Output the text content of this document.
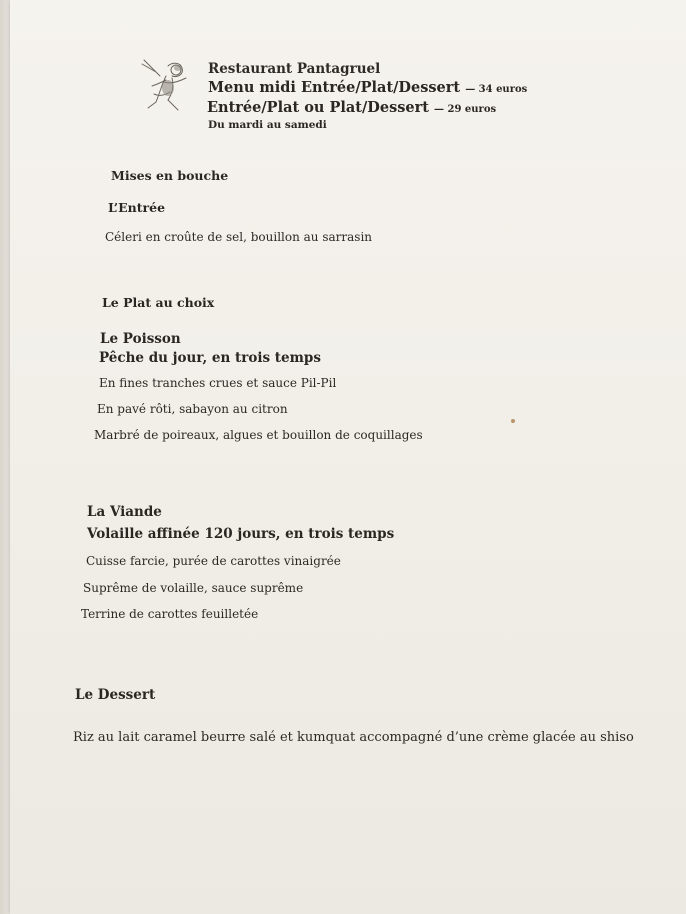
Restaurant Pantagruel

Menu midi Entrée/Plat/Dessert — 34 euros

Entrée/Plat ou Plat/Dessert — 29 euros

Du mardi au samedi

Mises en bouche

L’Entrée

Céleri en croûte de sel, bouillon au sarrasin

Le Plat au choix

Le Poisson

Pêche du jour, en trois temps

En fines tranches crues et sauce Pil-Pil

En pavé rôti, sabayon au citron

Marbré de poireaux, algues et bouillon de coquillages

La Viande

Volaille affinée 120 jours, en trois temps

Cuisse farcie, purée de carottes vinaigrée

Suprême de volaille, sauce suprême

Terrine de carottes feuilletée

Le Dessert

Riz au lait caramel beurre salé et kumquat accompagné d’une crème glacée au shiso
